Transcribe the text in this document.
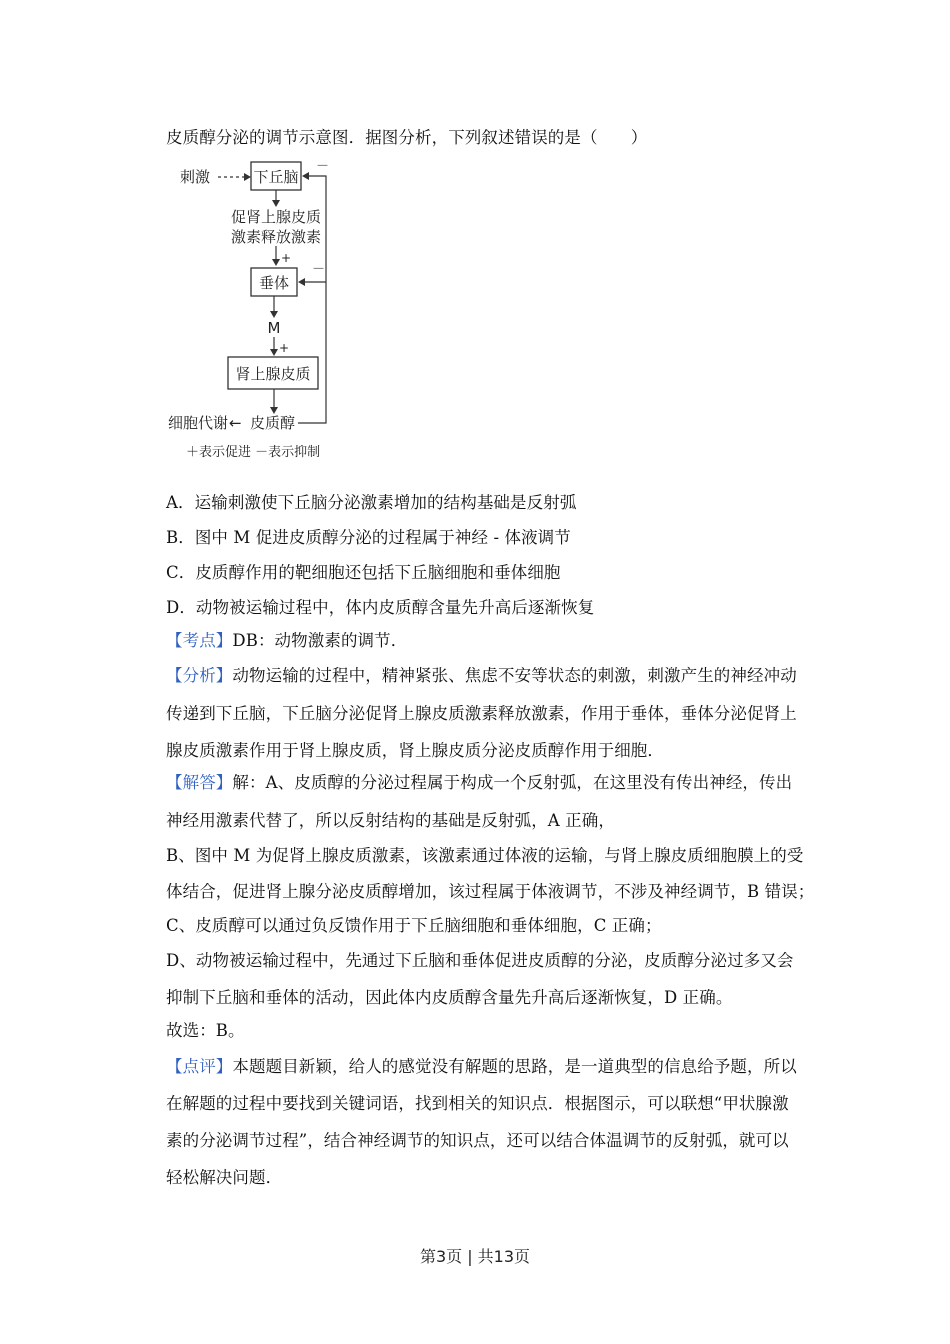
皮质醇分泌的调节示意图．据图分析，下列叙述错误的是（　　）
刺激	下丘脑
－
促肾上腺皮质
激素释放激素
+
垂体
－
M
+
肾上腺皮质
细胞代谢 ← 皮质醇
＋表示促进 －表示抑制
A．运输刺激使下丘脑分泌激素增加的结构基础是反射弧
B．图中 M 促进皮质醇分泌的过程属于神经 - 体液调节
C．皮质醇作用的靶细胞还包括下丘脑细胞和垂体细胞
D．动物被运输过程中，体内皮质醇含量先升高后逐渐恢复
【考点】DB：动物激素的调节．
【分析】动物运输的过程中，精神紧张、焦虑不安等状态的刺激，刺激产生的神经冲动
传递到下丘脑，下丘脑分泌促肾上腺皮质激素释放激素，作用于垂体，垂体分泌促肾上
腺皮质激素作用于肾上腺皮质，肾上腺皮质分泌皮质醇作用于细胞．
【解答】解：A、皮质醇的分泌过程属于构成一个反射弧，在这里没有传出神经，传出
神经用激素代替了，所以反射结构的基础是反射弧，A 正确，
B、图中 M 为促肾上腺皮质激素，该激素通过体液的运输，与肾上腺皮质细胞膜上的受
体结合，促进肾上腺分泌皮质醇增加，该过程属于体液调节，不涉及神经调节，B 错误；
C、皮质醇可以通过负反馈作用于下丘脑细胞和垂体细胞，C 正确；
D、动物被运输过程中，先通过下丘脑和垂体促进皮质醇的分泌，皮质醇分泌过多又会
抑制下丘脑和垂体的活动，因此体内皮质醇含量先升高后逐渐恢复，D 正确。
故选：B。
【点评】本题题目新颖，给人的感觉没有解题的思路，是一道典型的信息给予题，所以
在解题的过程中要找到关键词语，找到相关的知识点．根据图示，可以联想“甲状腺激
素的分泌调节过程”，结合神经调节的知识点，还可以结合体温调节的反射弧，就可以
轻松解决问题．
第3页 | 共13页
